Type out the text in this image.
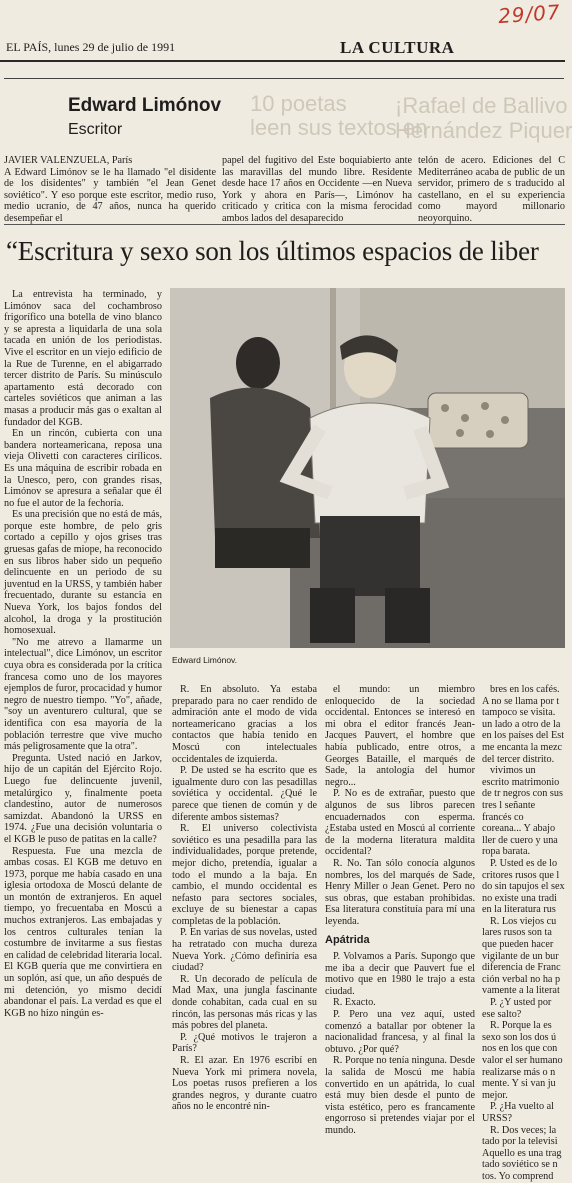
29/07
EL PAÍS, lunes 29 de julio de 1991	LA CULTURA
¡Rafael de Ballivo
Hernández Piquer
10 poetas
leen sus textos en
Edward Limónov
Escritor
JAVIER VALENZUELA, París
A Edward Limónov se le ha llamado "el disidente de los disidentes" y también "el Jean Genet soviético". Y eso porque este escritor, medio ruso, medio ucranio, de 47 años, nunca ha querido desempeñar el
papel del fugitivo del Este boquiabierto ante las maravillas del mundo libre. Residente desde hace 17 años en Occidente —en Nueva York y ahora en París—, Limónov ha criticado y critica con la misma ferocidad ambos lados del desaparecido
telón de acero. Ediciones del C Mediterráneo acaba de public de un servidor, primero de s traducido al castellano, en el su experiencia como mayord millonario neoyorquino.
“Escritura y sexo son los últimos espacios de liber

La entrevista ha terminado, y Limónov saca del cochambroso frigorífico una botella de vino blanco y se apresta a liquidarla de una sola tacada en unión de los periodistas. Vive el escritor en un viejo edificio de la Rue de Turenne, en el abigarrado tercer distrito de París. Su minúsculo apartamento está decorado con carteles soviéticos que animan a las masas a producir más gas o exaltan al fundador del KGB.

En un rincón, cubierta con una bandera norteamericana, reposa una vieja Olivetti con caracteres cirílicos. Es una máquina de escribir robada en la Unesco, pero, con grandes risas, Limónov se apresura a señalar que él no fue el autor de la fechoría.

Es una precisión que no está de más, porque este hombre, de pelo gris cortado a cepillo y ojos grises tras gruesas gafas de miope, ha reconocido en sus libros haber sido un pequeño delincuente en un periodo de su juventud en la URSS, y también haber frecuentado, durante su estancia en Nueva York, los bajos fondos del alcohol, la droga y la prostitución homosexual.

"No me atrevo a llamarme un intelectual", dice Limónov, un escritor cuya obra es considerada por la crítica francesa como uno de los mayores ejemplos de furor, procacidad y humor negro de nuestro tiempo. "Yo", añade, "soy un aventurero cultural, que se identifica con esa mayoría de la población terrestre que vive mucho más peligrosamente que la otra".

Pregunta. Usted nació en Jarkov, hijo de un capitán del Ejército Rojo. Luego fue delincuente juvenil, metalúrgico y, finalmente poeta clandestino, autor de numerosos samizdat. Abandonó la URSS en 1974. ¿Fue una decisión voluntaria o el KGB le puso de patitas en la calle?

Respuesta. Fue una mezcla de ambas cosas. El KGB me detuvo en 1973, porque me había casado en una iglesia ortodoxa de Moscú delante de un montón de extranjeros. En aquel tiempo, yo frecuentaba en Moscú a muchos extranjeros. Las embajadas y los centros culturales tenían la costumbre de invitarme a sus fiestas en calidad de celebridad literaria local. El KGB quería que me convirtiera en un soplón, así que, un año después de mi detención, yo mismo decidí abandonar el país. La verdad es que el KGB no hizo ningún es-

Edward Limónov.

R. En absoluto. Ya estaba preparado para no caer rendido de admiración ante el modo de vida norteamericano gracias a los contactos que había tenido en Moscú con intelectuales occidentales de izquierda.

P. De usted se ha escrito que es igualmente duro con las pesadillas soviética y occidental. ¿Qué le parece que tienen de común y de diferente ambos sistemas?

R. El universo colectivista soviético es una pesadilla para las individualidades, porque pretende, mejor dicho, pretendía, igualar a todo el mundo a la baja. En cambio, el mundo occidental es nefasto para sectores sociales, excluye de su bienestar a capas completas de la población.

P. En varias de sus novelas, usted ha retratado con mucha dureza Nueva York. ¿Cómo definiría esa ciudad?

R. Un decorado de película de Mad Max, una jungla fascinante donde cohabitan, cada cual en su rincón, las personas más ricas y las más pobres del planeta.

P. ¿Qué motivos le trajeron a París?

R. El azar. En 1976 escribí en Nueva York mi primera novela, Los poetas rusos prefieren a los grandes negros, y durante cuatro años no le encontré nin-

el mundo: un miembro enloquecido de la sociedad occidental. Entonces se interesó en mi obra el editor francés Jean-Jacques Pauvert, el hombre que había publicado, entre otros, a Georges Bataille, el marqués de Sade, la antología del humor negro...

P. No es de extrañar, puesto que algunos de sus libros parecen encuadernados con esperma. ¿Estaba usted en Moscú al corriente de la moderna literatura maldita occidental?

R. No. Tan sólo conocía algunos nombres, los del marqués de Sade, Henry Miller o Jean Genet. Pero no sus obras, que estaban prohibidas. Esa literatura constituía para mí una leyenda.

Apátrida

P. Volvamos a París. Supongo que me iba a decir que Pauvert fue el motivo que en 1980 le trajo a esta ciudad.

R. Exacto.

P. Pero una vez aquí, usted comenzó a batallar por obtener la nacionalidad francesa, y al final la obtuvo. ¿Por qué?

R. Porque no tenía ninguna. Desde la salida de Moscú me había convertido en un apátrida, lo cual está muy bien desde el punto de vista estético, pero es francamente engorroso si pretendes viajar por el mundo.

bres en los cafés. A no se llama por t tampoco se visita. un lado a otro de la en los países del Est me encanta la mezc del tercer distrito.

vivimos un escrito matrimonio de tr negros con sus tres l señante francés co coreana... Y abajo ller de cuero y una ropa barata.

P. Usted es de lo critores rusos que l do sin tapujos el sex no existe una tradi en la literatura rus

R. Los viejos cu lares rusos son ta que pueden hacer vigilante de un bur diferencia de Franc ción verbal no ha p vamente a la literat

P. ¿Y usted por ese salto?

R. Porque la es sexo son los dos ú nos en los que con valor el ser humano realizarse más o n mente. Y si van ju mejor.

P. ¿Ha vuelto al URSS?

R. Dos veces; la tado por la televisi Aquello es una trag tado soviético se n tos. Yo comprend
